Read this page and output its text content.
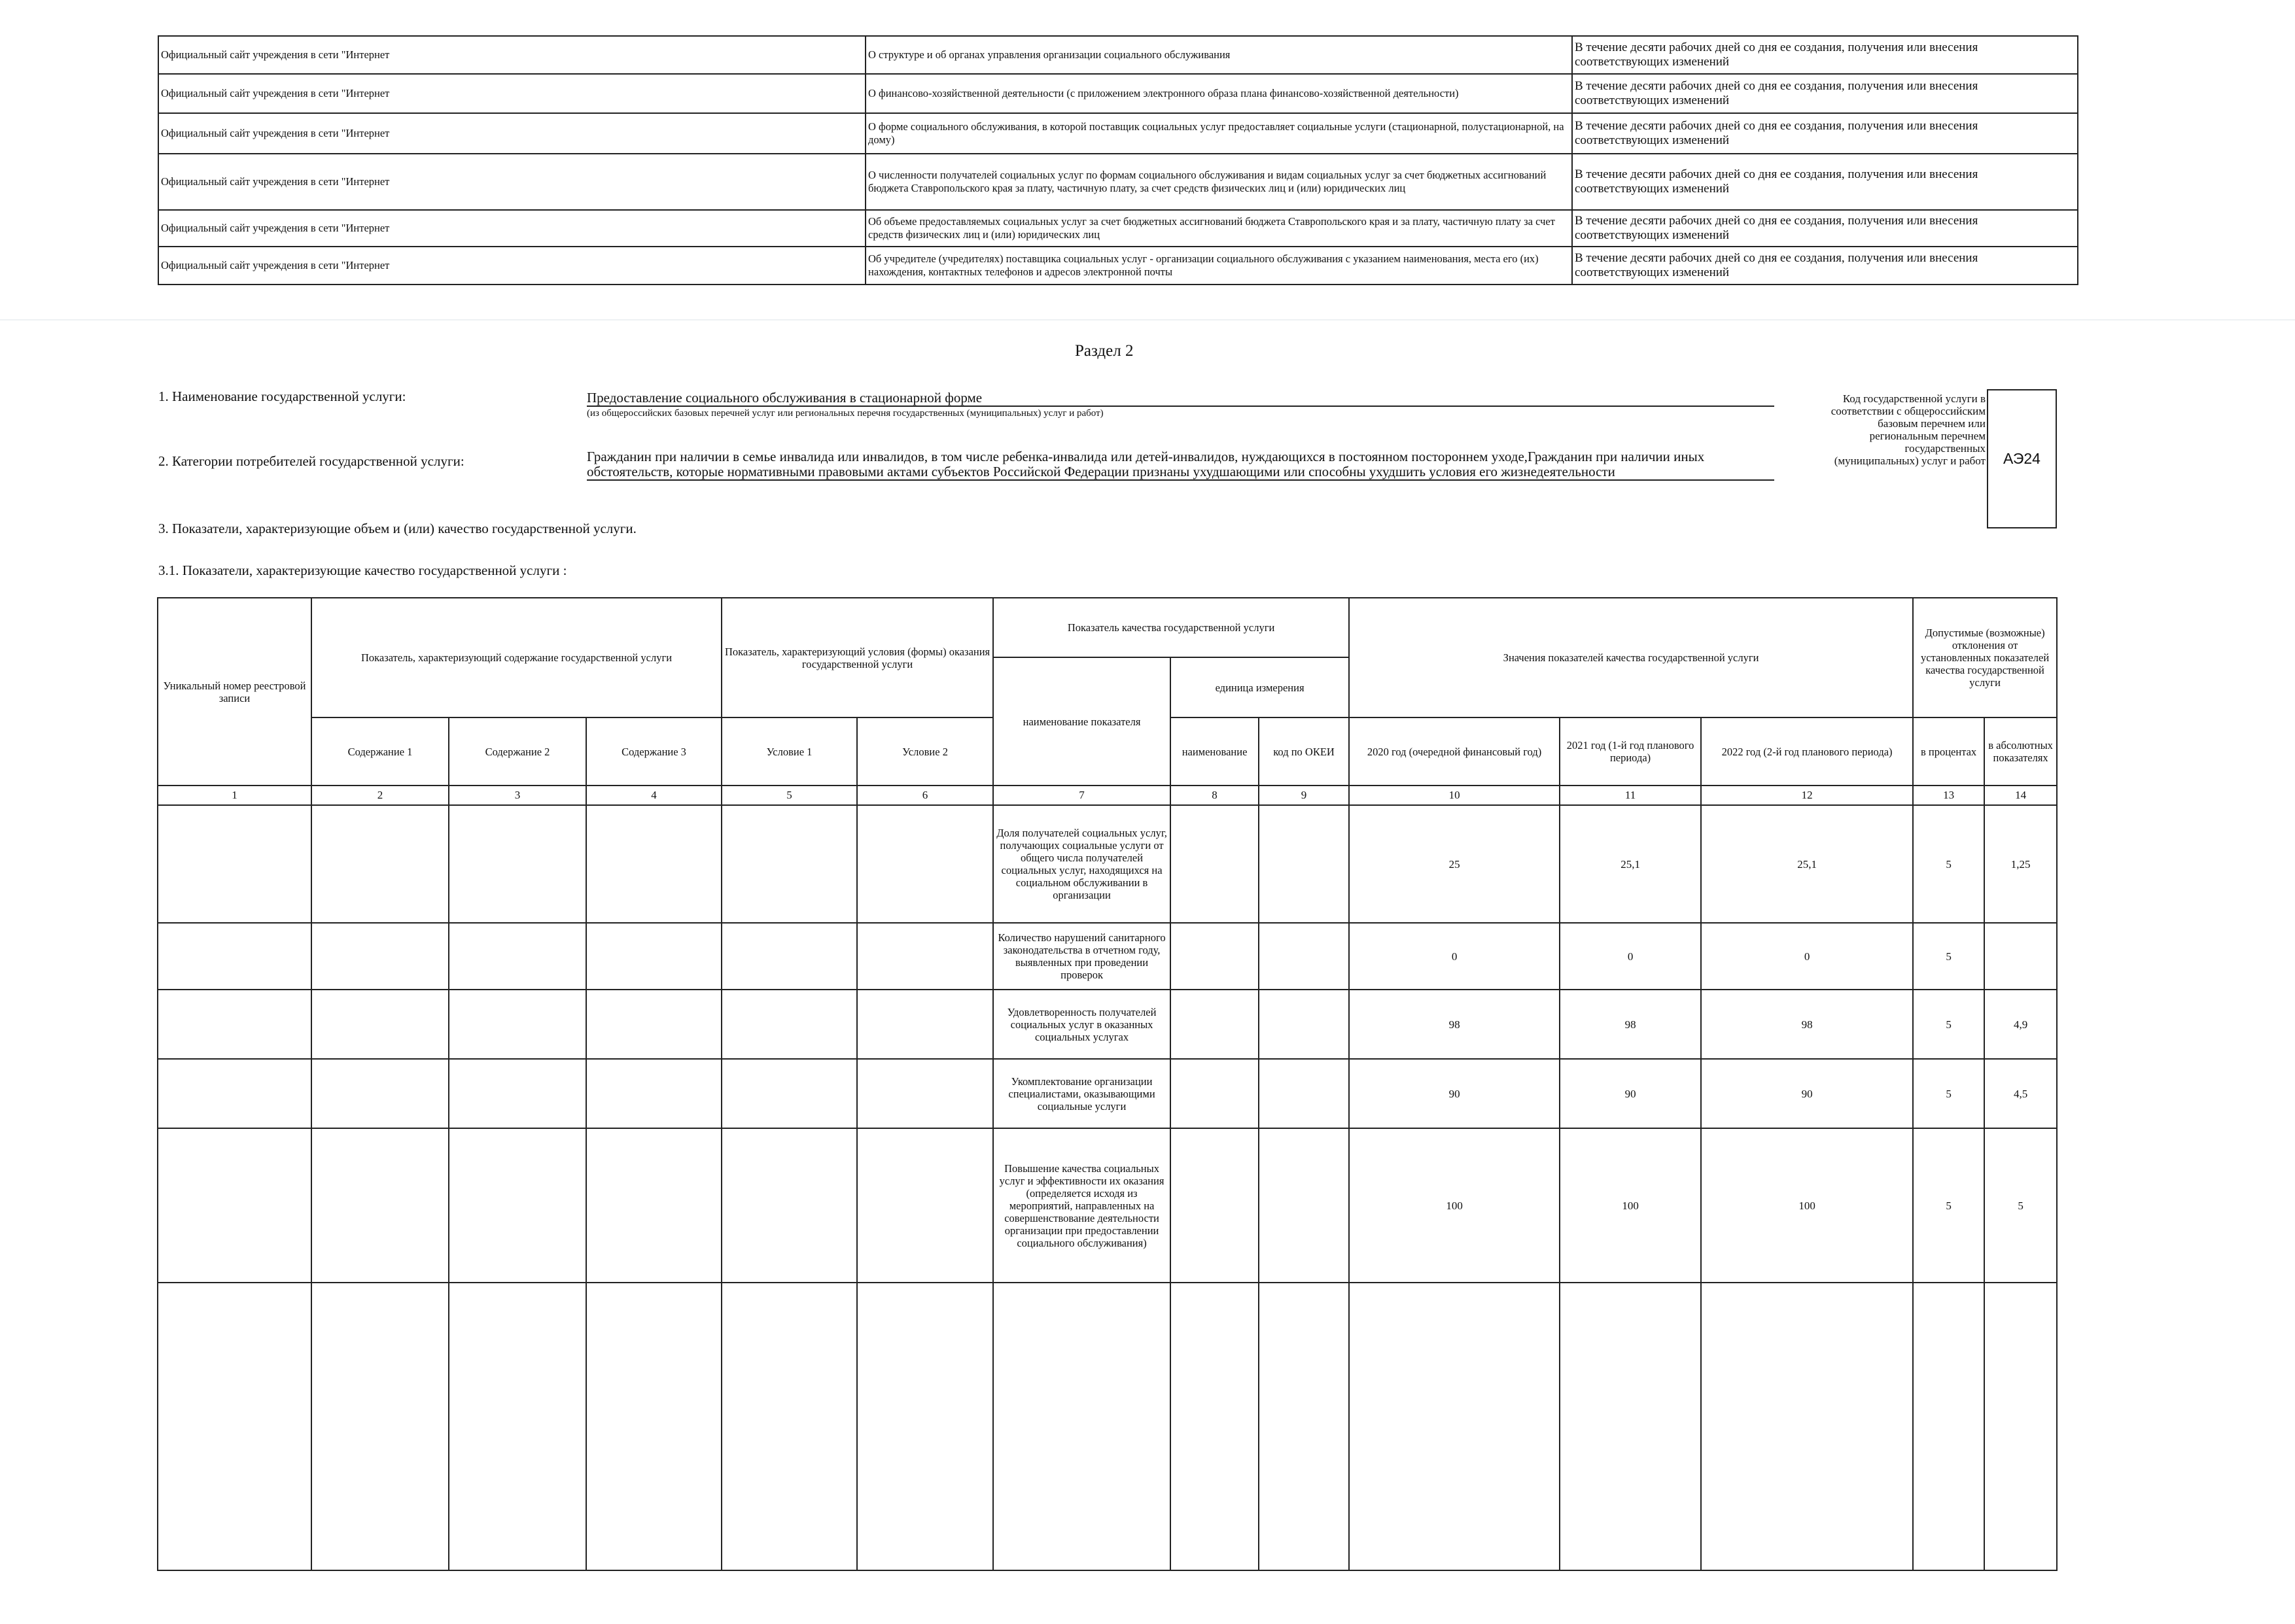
Официальный сайт учреждения в сети "Интернет	О структуре и об органах управления организации социального обслуживания	В течение десяти рабочих дней со дня ее создания, получения или внесения соответствующих изменений
Официальный сайт учреждения в сети "Интернет	О финансово-хозяйственной деятельности (с приложением электронного образа плана финансово-хозяйственной деятельности)	В течение десяти рабочих дней со дня ее создания, получения или внесения соответствующих изменений
Официальный сайт учреждения в сети "Интернет	О форме социального обслуживания, в которой поставщик социальных услуг предоставляет социальные услуги (стационарной, полустационарной, на дому)	В течение десяти рабочих дней со дня ее создания, получения или внесения соответствующих изменений
Официальный сайт учреждения в сети "Интернет	О численности получателей социальных услуг по формам социального обслуживания и видам социальных услуг за счет бюджетных ассигнований бюджета Ставропольского края за плату, частичную плату, за счет средств физических лиц и (или) юридических лиц	В течение десяти рабочих дней со дня ее создания, получения или внесения соответствующих изменений
Официальный сайт учреждения в сети "Интернет	Об объеме предоставляемых социальных услуг за счет бюджетных ассигнований бюджета Ставропольского края и за плату, частичную плату за счет средств физических лиц и (или) юридических лиц	В течение десяти рабочих дней со дня ее создания, получения или внесения соответствующих изменений
Официальный сайт учреждения в сети "Интернет	Об учредителе (учредителях) поставщика социальных услуг - организации социального обслуживания с указанием наименования, места его (их) нахождения, контактных телефонов и адресов электронной почты	В течение десяти рабочих дней со дня ее создания, получения или внесения соответствующих изменений
Раздел 2
1. Наименование государственной услуги:	Предоставление социального обслуживания в стационарной форме
(из общероссийских базовых перечней услуг или региональных перечня государственных (муниципальных) услуг и работ)
2. Категории потребителей государственной услуги:	Гражданин при наличии в семье инвалида или инвалидов, в том числе ребенка-инвалида или детей-инвалидов, нуждающихся в постоянном постороннем уходе,Гражданин при наличии иных обстоятельств, которые нормативными правовыми актами субъектов Российской Федерации признаны ухудшающими или способны ухудшить условия его жизнедеятельности
Код государственной услуги в соответствии с общероссийским базовым перечнем или региональным перечнем государственных (муниципальных) услуг и работ АЭ24
3. Показатели, характеризующие объем и (или) качество государственной услуги.
3.1. Показатели, характеризующие качество государственной услуги :
Уникальный номер реестровой записи	Показатель, характеризующий содержание государственной услуги			Показатель, характеризующий условия (формы) оказания государственной услуги		Показатель качества государственной услуги			Значения показателей качества государственной услуги			Допустимые (возможные) отклонения от установленных показателей качества государственной услуги	
						наименование показателя	единица измерения						
	Содержание 1	Содержание 2	Содержание 3	Условие 1	Условие 2		наименование	код по ОКЕИ	2020 год (очередной финансовый год)	2021 год (1-й год планового периода)	2022 год (2-й год планового периода)	в процентах	в абсолютных показателях
1	2	3	4	5	6	7	8	9	10	11	12	13	14
						Доля получателей социальных услуг, получающих социальные услуги от общего числа получателей социальных услуг, находящихся на социальном обслуживании в организации			25	25,1	25,1	5	1,25
						Количество нарушений санитарного законодательства в отчетном году, выявленных при проведении проверок			0	0	0	5	
						Удовлетворенность получателей социальных услуг в оказанных социальных услугах			98	98	98	5	4,9
						Укомплектование организации специалистами, оказывающими социальные услуги			90	90	90	5	4,5
						Повышение качества социальных услуг и эффективности их оказания (определяется исходя из мероприятий, направленных на совершенствование деятельности организации при предоставлении социального обслуживания)			100	100	100	5	5
